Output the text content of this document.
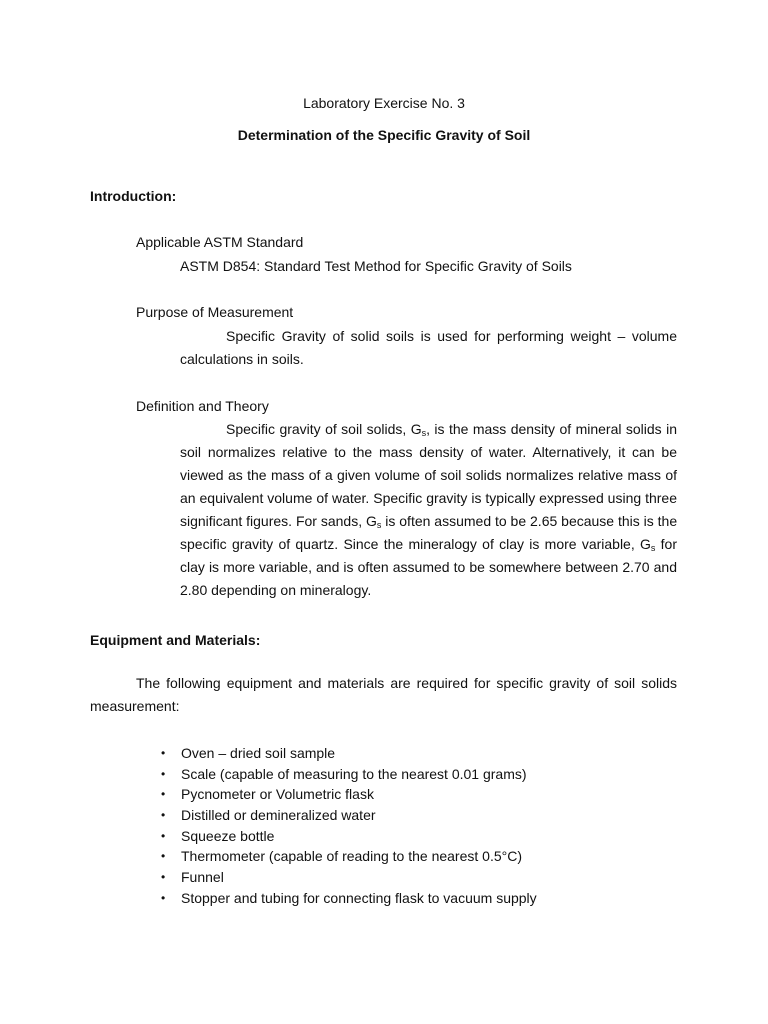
Laboratory Exercise No. 3
Determination of the Specific Gravity of Soil
Introduction:
Applicable ASTM Standard
ASTM D854: Standard Test Method for Specific Gravity of Soils
Purpose of Measurement
Specific Gravity of solid soils is used for performing weight – volume
calculations in soils.
Definition and Theory
Specific gravity of soil solids, $G_s$, is the mass density of mineral solids in
soil normalizes relative to the mass density of water. Alternatively, it can be
viewed as the mass of a given volume of soil solids normalizes relative mass of
an equivalent volume of water. Specific gravity is typically expressed using three
significant figures. For sands, $G_s$ is often assumed to be 2.65 because this is the
specific gravity of quartz. Since the mineralogy of clay is more variable, $G_s$ for
clay is more variable, and is often assumed to be somewhere between 2.70 and
2.80 depending on mineralogy.
Equipment and Materials:
The following equipment and materials are required for specific gravity of soil solids
measurement:
• Oven – dried soil sample
• Scale (capable of measuring to the nearest 0.01 grams)
• Pycnometer or Volumetric flask
• Distilled or demineralized water
• Squeeze bottle
• Thermometer (capable of reading to the nearest 0.5°C)
• Funnel
• Stopper and tubing for connecting flask to vacuum supply
